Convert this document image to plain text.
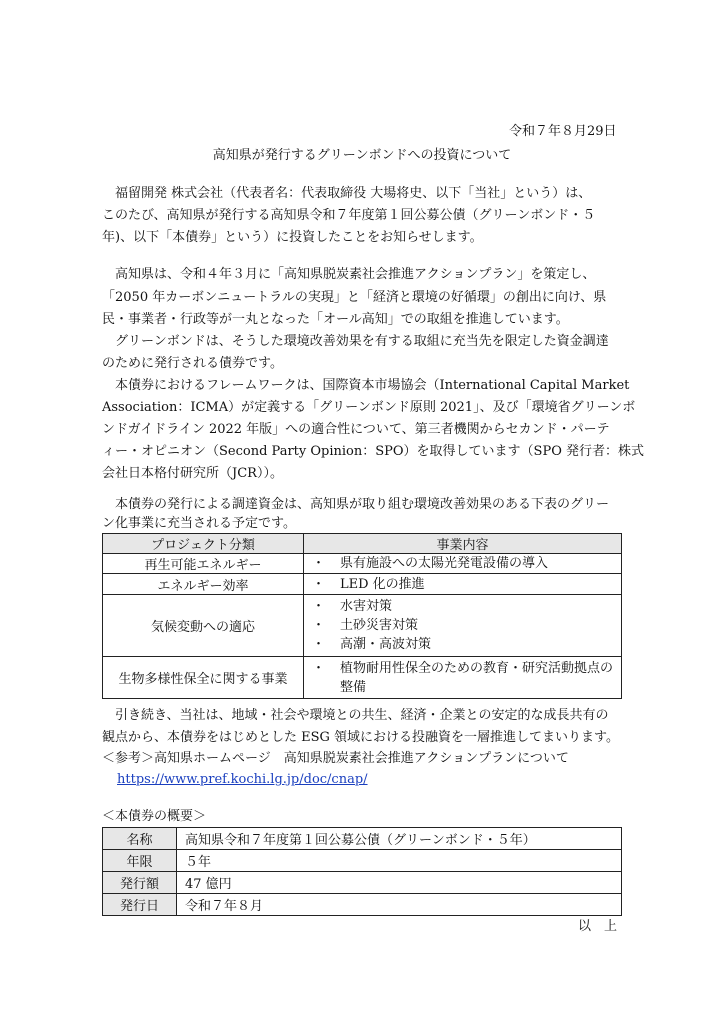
令和７年８月29日
高知県が発行するグリーンボンドへの投資について
福留開発 株式会社（代表者名：代表取締役 大場将史、以下「当社」という）は、
このたび、高知県が発行する高知県令和７年度第１回公募公債（グリーンボンド・５
年)、以下「本債券」という）に投資したことをお知らせします。
高知県は、令和４年３月に「高知県脱炭素社会推進アクションプラン」を策定し、
「2050 年カーボンニュートラルの実現」と「経済と環境の好循環」の創出に向け、県
民・事業者・行政等が一丸となった「オール高知」での取組を推進しています。
グリーンボンドは、そうした環境改善効果を有する取組に充当先を限定した資金調達
のために発行される債券です。
本債券におけるフレームワークは、国際資本市場協会（International Capital Market
Association：ICMA）が定義する「グリーンボンド原則 2021」、及び「環境省グリーンボ
ンドガイドライン 2022 年版」への適合性について、第三者機関からセカンド・パーテ
ィー・オピニオン（Second Party Opinion：SPO）を取得しています（SPO 発行者：株式
会社日本格付研究所（JCR））。
本債券の発行による調達資金は、高知県が取り組む環境改善効果のある下表のグリー
ン化事業に充当される予定です。
プロジェクト分類	事業内容
再生可能エネルギー	・ 県有施設への太陽光発電設備の導入

エネルギー効率	・ LED 化の推進

気候変動への適応	・ 水害対策
・ 土砂災害対策
・ 高潮・高波対策

生物多様性保全に関する事業	・ 植物耐用性保全のための教育・研究活動拠点の
整備
引き続き、当社は、地域・社会や環境との共生、経済・企業との安定的な成長共有の
観点から、本債券をはじめとした ESG 領域における投融資を一層推進してまいります。
＜参考＞高知県ホームページ　高知県脱炭素社会推進アクションプランについて
https://www.pref.kochi.lg.jp/doc/cnap/
＜本債券の概要＞
名称	高知県令和７年度第１回公募公債（グリーンボンド・５年）
年限	５年
発行額	47 億円
発行日	令和７年８月
以　上
